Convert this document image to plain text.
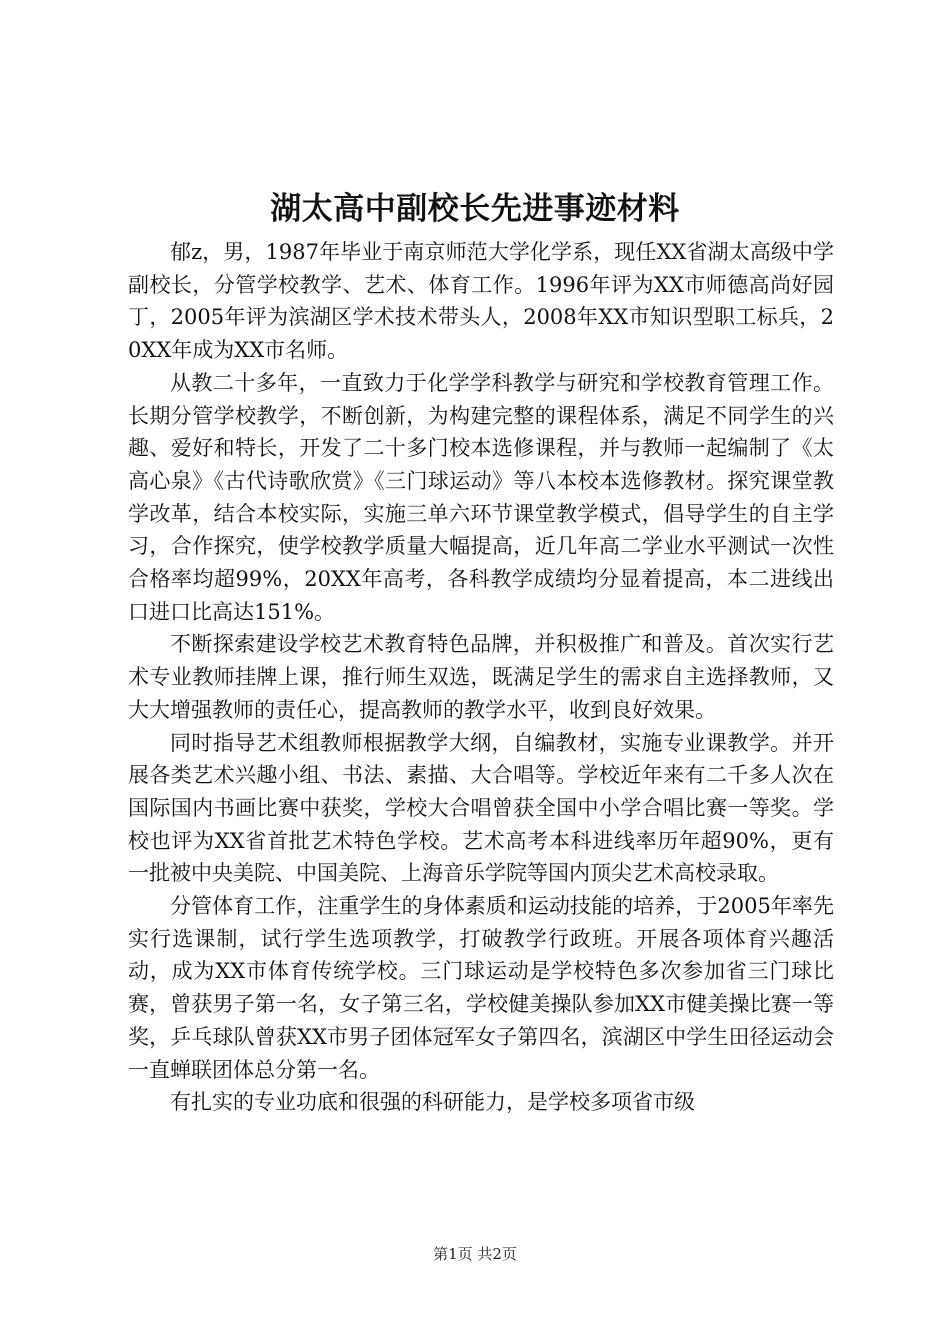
湖太高中副校长先进事迹材料

郁z，男，1987年毕业于南京师范大学化学系，现任XX省湖太高级中学副校长，分管学校教学、艺术、体育工作。1996年评为XX市师德高尚好园丁，2005年评为滨湖区学术技术带头人，2008年XX市知识型职工标兵，20XX年成为XX市名师。

从教二十多年，一直致力于化学学科教学与研究和学校教育管理工作。长期分管学校教学，不断创新，为构建完整的课程体系，满足不同学生的兴趣、爱好和特长，开发了二十多门校本选修课程，并与教师一起编制了《太高心泉》《古代诗歌欣赏》《三门球运动》等八本校本选修教材。探究课堂教学改革，结合本校实际，实施三单六环节课堂教学模式，倡导学生的自主学习，合作探究，使学校教学质量大幅提高，近几年高二学业水平测试一次性合格率均超99%，20XX年高考，各科教学成绩均分显着提高，本二进线出口进口比高达151%。

不断探索建设学校艺术教育特色品牌，并积极推广和普及。首次实行艺术专业教师挂牌上课，推行师生双选，既满足学生的需求自主选择教师，又大大增强教师的责任心，提高教师的教学水平，收到良好效果。

同时指导艺术组教师根据教学大纲，自编教材，实施专业课教学。并开展各类艺术兴趣小组、书法、素描、大合唱等。学校近年来有二千多人次在国际国内书画比赛中获奖，学校大合唱曾获全国中小学合唱比赛一等奖。学校也评为XX省首批艺术特色学校。艺术高考本科进线率历年超90%，更有一批被中央美院、中国美院、上海音乐学院等国内顶尖艺术高校录取。

分管体育工作，注重学生的身体素质和运动技能的培养，于2005年率先实行选课制，试行学生选项教学，打破教学行政班。开展各项体育兴趣活动，成为XX市体育传统学校。三门球运动是学校特色多次参加省三门球比赛，曾获男子第一名，女子第三名，学校健美操队参加XX市健美操比赛一等奖，乒乓球队曾获XX市男子团体冠军女子第四名，滨湖区中学生田径运动会一直蝉联团体总分第一名。

有扎实的专业功底和很强的科研能力，是学校多项省市级

第1页 共2页
